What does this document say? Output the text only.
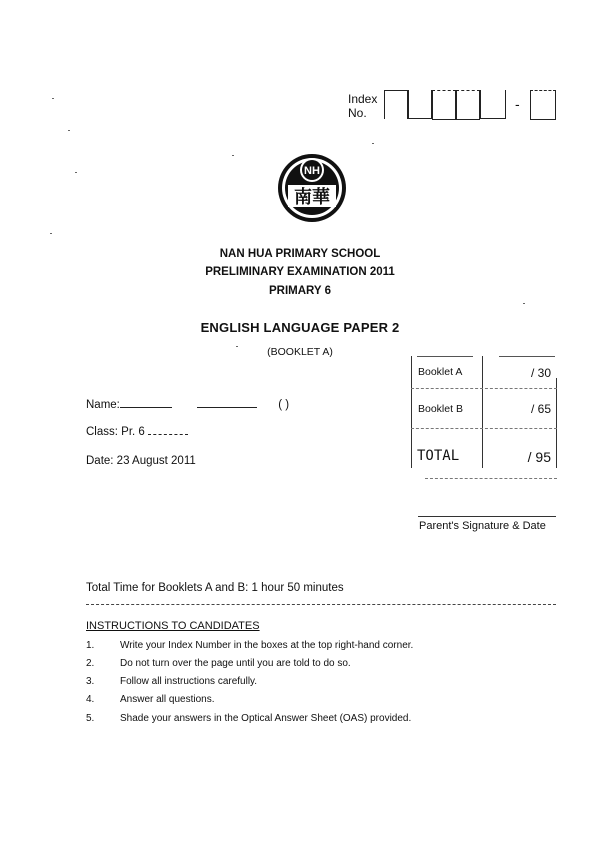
Index
No.
-
NH
南華
NAN HUA PRIMARY SCHOOL
PRELIMINARY EXAMINATION 2011
PRIMARY 6
ENGLISH LANGUAGE PAPER 2
(BOOKLET A)
Name:	( )
Class: Pr. 6
Date: 23 August 2011
Booklet A	/ 30
Booklet B	/ 65
TOTAL	/ 95
Parent's Signature & Date
Total Time for Booklets A and B: 1 hour 50 minutes
INSTRUCTIONS TO CANDIDATES
1.	Write your Index Number in the boxes at the top right-hand corner.
2.	Do not turn over the page until you are told to do so.
3.	Follow all instructions carefully.
4.	Answer all questions.
5.	Shade your answers in the Optical Answer Sheet (OAS) provided.
